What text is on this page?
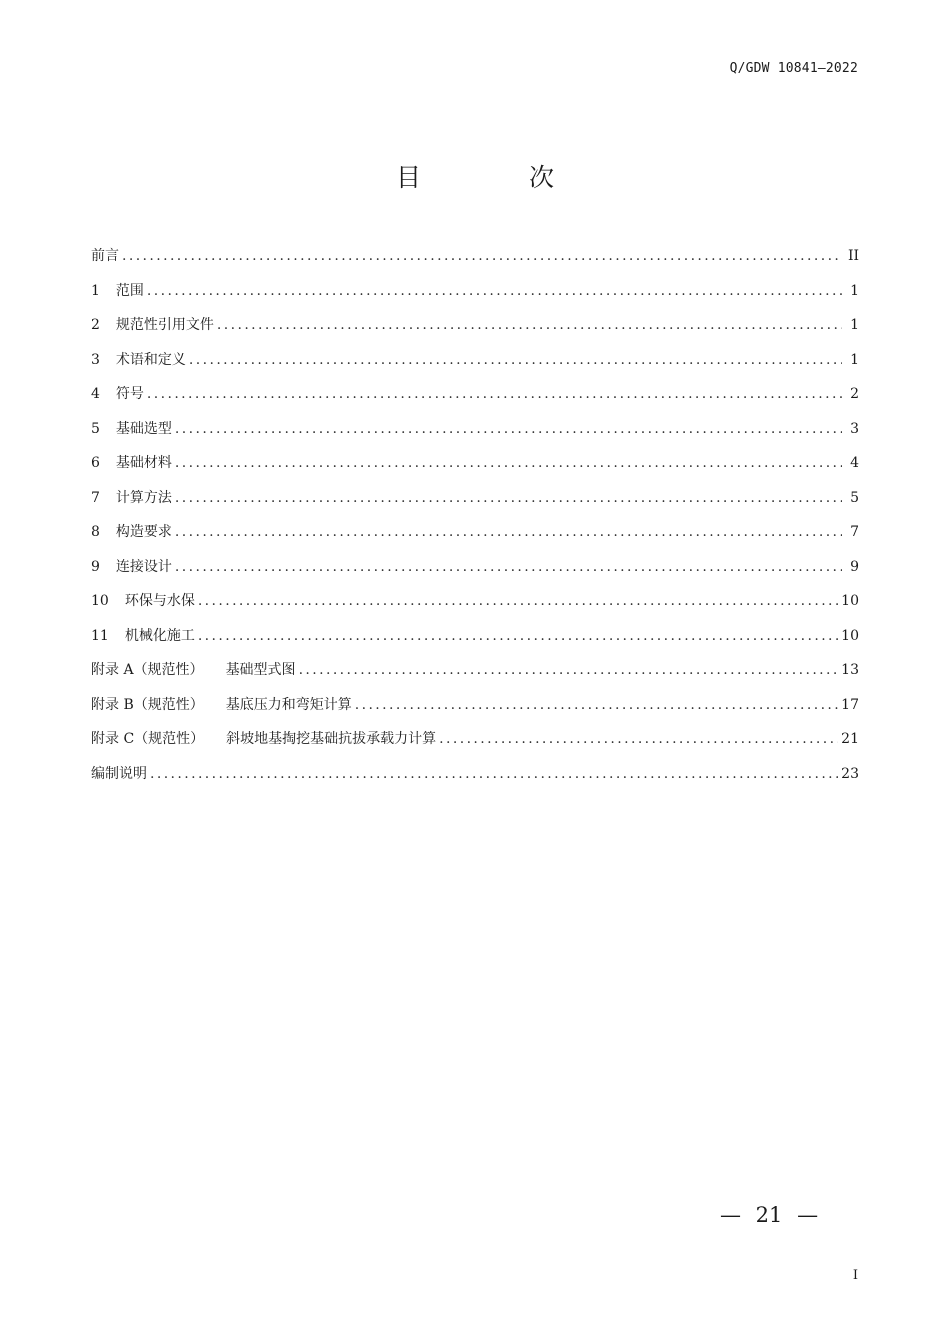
Q/GDW 10841—2022
目 次
前言 .....	II
1 范围 .....	1
2 规范性引用文件 .....	1
3 术语和定义 .....	1
4 符号 .....	2
5 基础选型 .....	3
6 基础材料 .....	4
7 计算方法 .....	5
8 构造要求 .....	7
9 连接设计 .....	9
10 环保与水保 .....	10
11 机械化施工 .....	10
附录 A（规范性） 基础型式图 .....	13
附录 B（规范性） 基底压力和弯矩计算 .....	17
附录 C（规范性） 斜坡地基掏挖基础抗拔承载力计算 .....	21
编制说明 .....	23
— 21 —
I
